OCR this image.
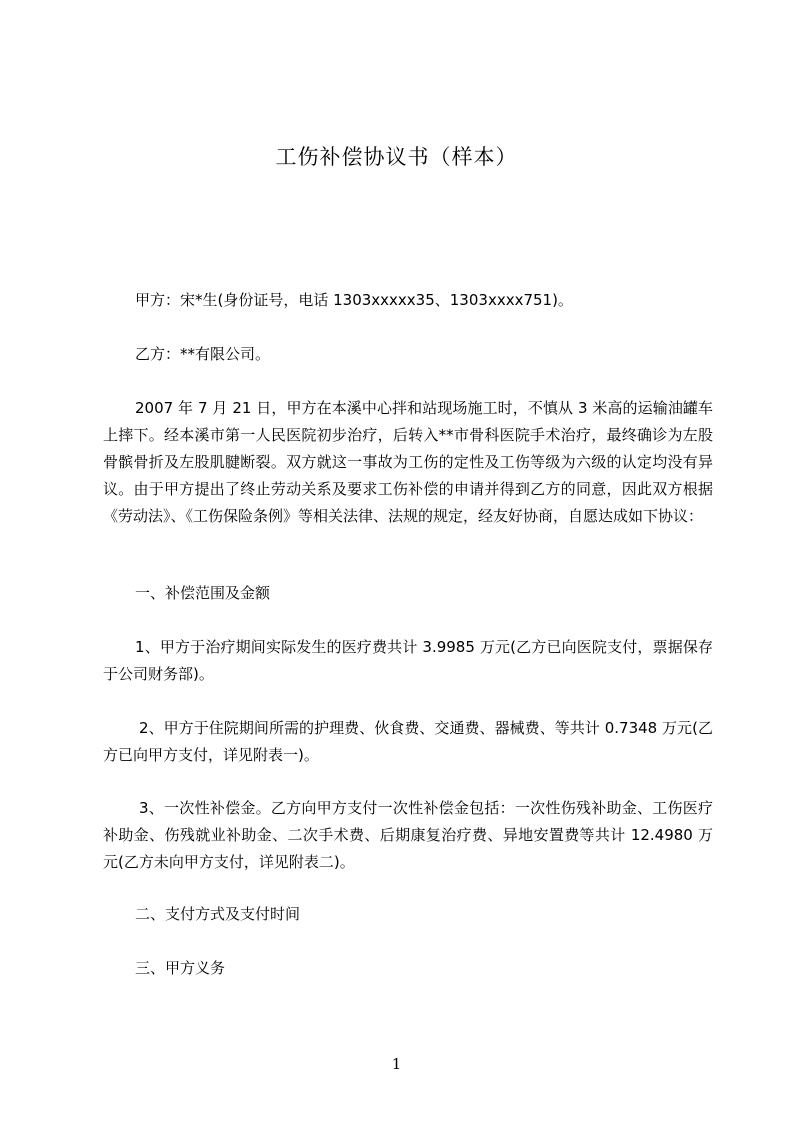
工伤补偿协议书（样本）

甲方：宋*生(身份证号，电话 1303xxxxx35、1303xxxx751)。

乙方：**有限公司。

2007 年 7 月 21 日，甲方在本溪中心拌和站现场施工时，不慎从 3 米高的运输油罐车上摔下。经本溪市第一人民医院初步治疗，后转入**市骨科医院手术治疗，最终确诊为左股骨髌骨折及左股肌腱断裂。双方就这一事故为工伤的定性及工伤等级为六级的认定均没有异议。由于甲方提出了终止劳动关系及要求工伤补偿的申请并得到乙方的同意，因此双方根据《劳动法》、《工伤保险条例》等相关法律、法规的规定，经友好协商，自愿达成如下协议：

一、补偿范围及金额

1、甲方于治疗期间实际发生的医疗费共计 3.9985 万元(乙方已向医院支付，票据保存于公司财务部)。

2、甲方于住院期间所需的护理费、伙食费、交通费、器械费、等共计 0.7348 万元(乙方已向甲方支付，详见附表一)。

3、一次性补偿金。乙方向甲方支付一次性补偿金包括：一次性伤残补助金、工伤医疗补助金、伤残就业补助金、二次手术费、后期康复治疗费、异地安置费等共计 12.4980 万元(乙方未向甲方支付，详见附表二)。

二、支付方式及支付时间

三、甲方义务

1
